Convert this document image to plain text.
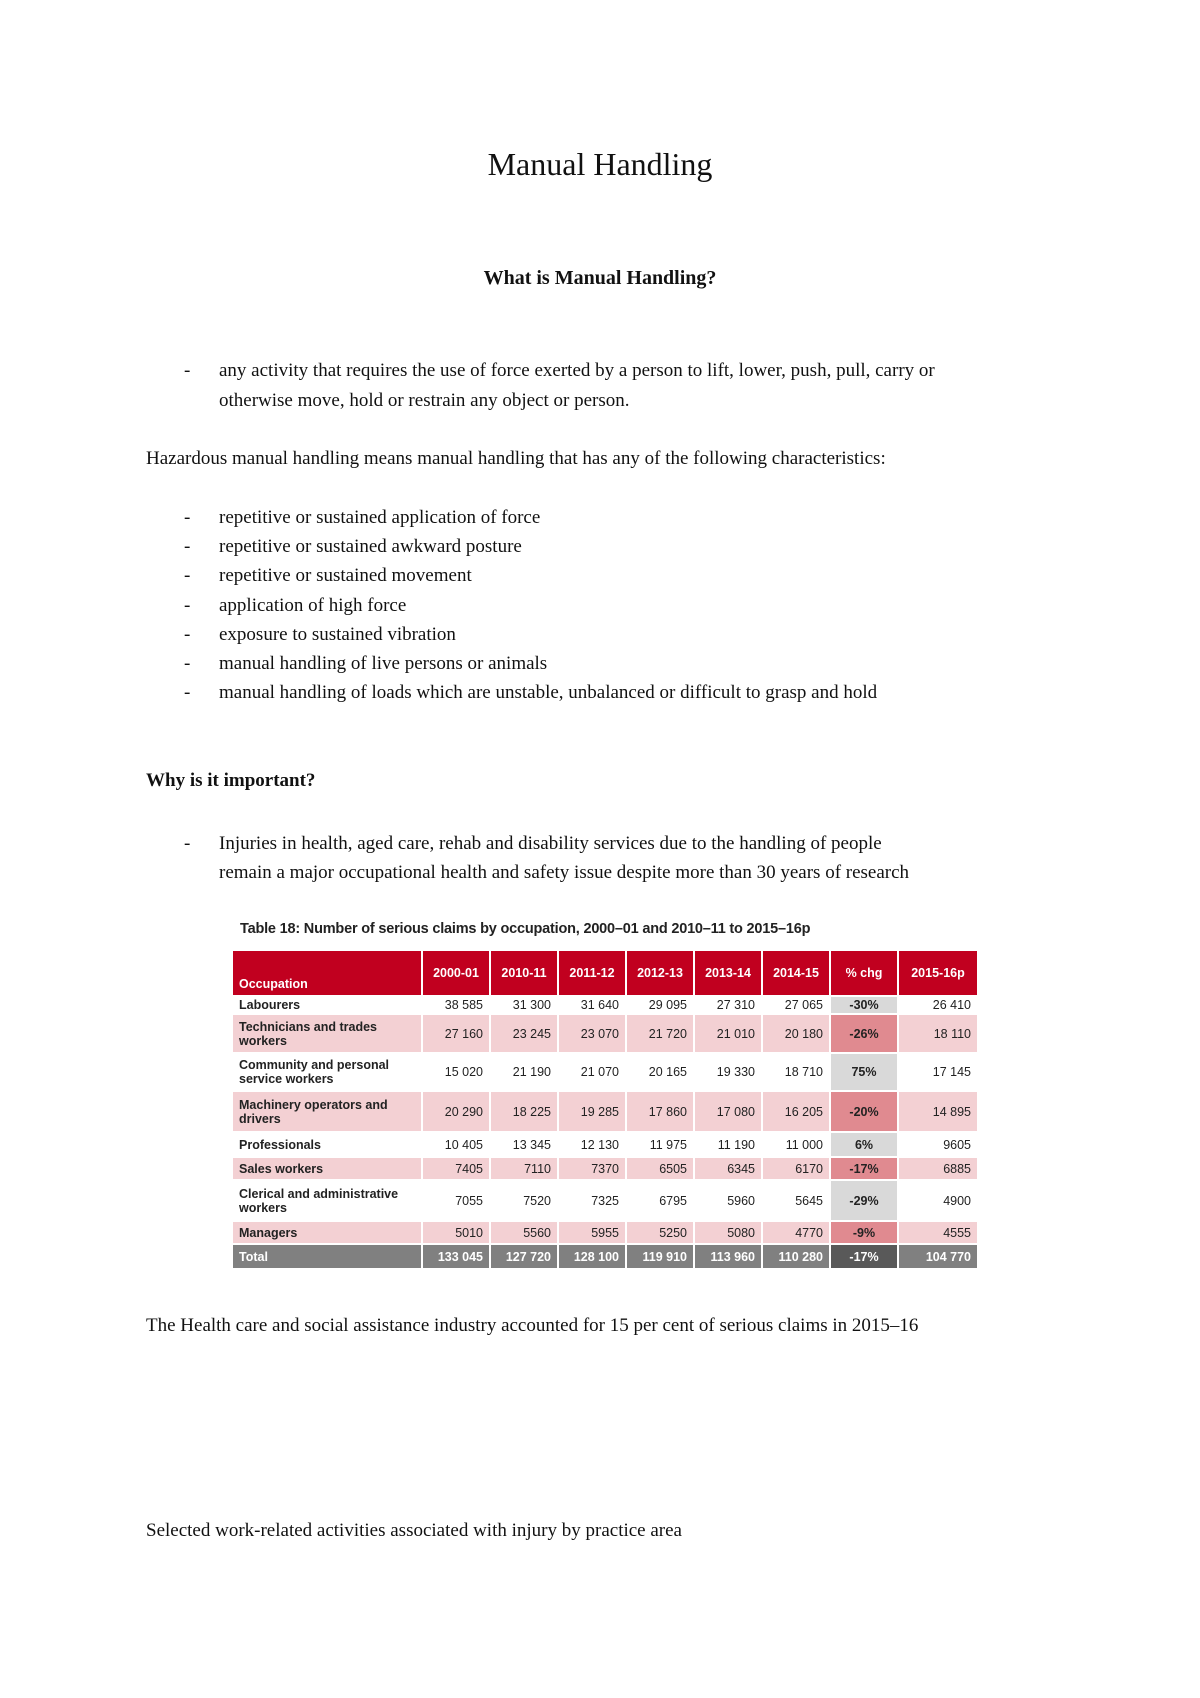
Manual Handling
What is Manual Handling?
- any activity that requires the use of force exerted by a person to lift, lower, push, pull, carry or
otherwise move, hold or restrain any object or person.
Hazardous manual handling means manual handling that has any of the following characteristics:
- repetitive or sustained application of force
- repetitive or sustained awkward posture
- repetitive or sustained movement
- application of high force
- exposure to sustained vibration
- manual handling of live persons or animals
- manual handling of loads which are unstable, unbalanced or difficult to grasp and hold
Why is it important?
- Injuries in health, aged care, rehab and disability services due to the handling of people
remain a major occupational health and safety issue despite more than 30 years of research
Table 18: Number of serious claims by occupation, 2000–01 and 2010–11 to 2015–16p
Occupation	2000-01	2010-11	2011-12	2012-13	2013-14	2014-15	% chg	2015-16p
Labourers	38 585	31 300	31 640	29 095	27 310	27 065	-30%	26 410
Technicians and trades workers	27 160	23 245	23 070	21 720	21 010	20 180	-26%	18 110
Community and personal service workers	15 020	21 190	21 070	20 165	19 330	18 710	75%	17 145
Machinery operators and drivers	20 290	18 225	19 285	17 860	17 080	16 205	-20%	14 895
Professionals	10 405	13 345	12 130	11 975	11 190	11 000	6%	9605
Sales workers	7405	7110	7370	6505	6345	6170	-17%	6885
Clerical and administrative workers	7055	7520	7325	6795	5960	5645	-29%	4900
Managers	5010	5560	5955	5250	5080	4770	-9%	4555
Total	133 045	127 720	128 100	119 910	113 960	110 280	-17%	104 770
The Health care and social assistance industry accounted for 15 per cent of serious claims in 2015–16
Selected work-related activities associated with injury by practice area
